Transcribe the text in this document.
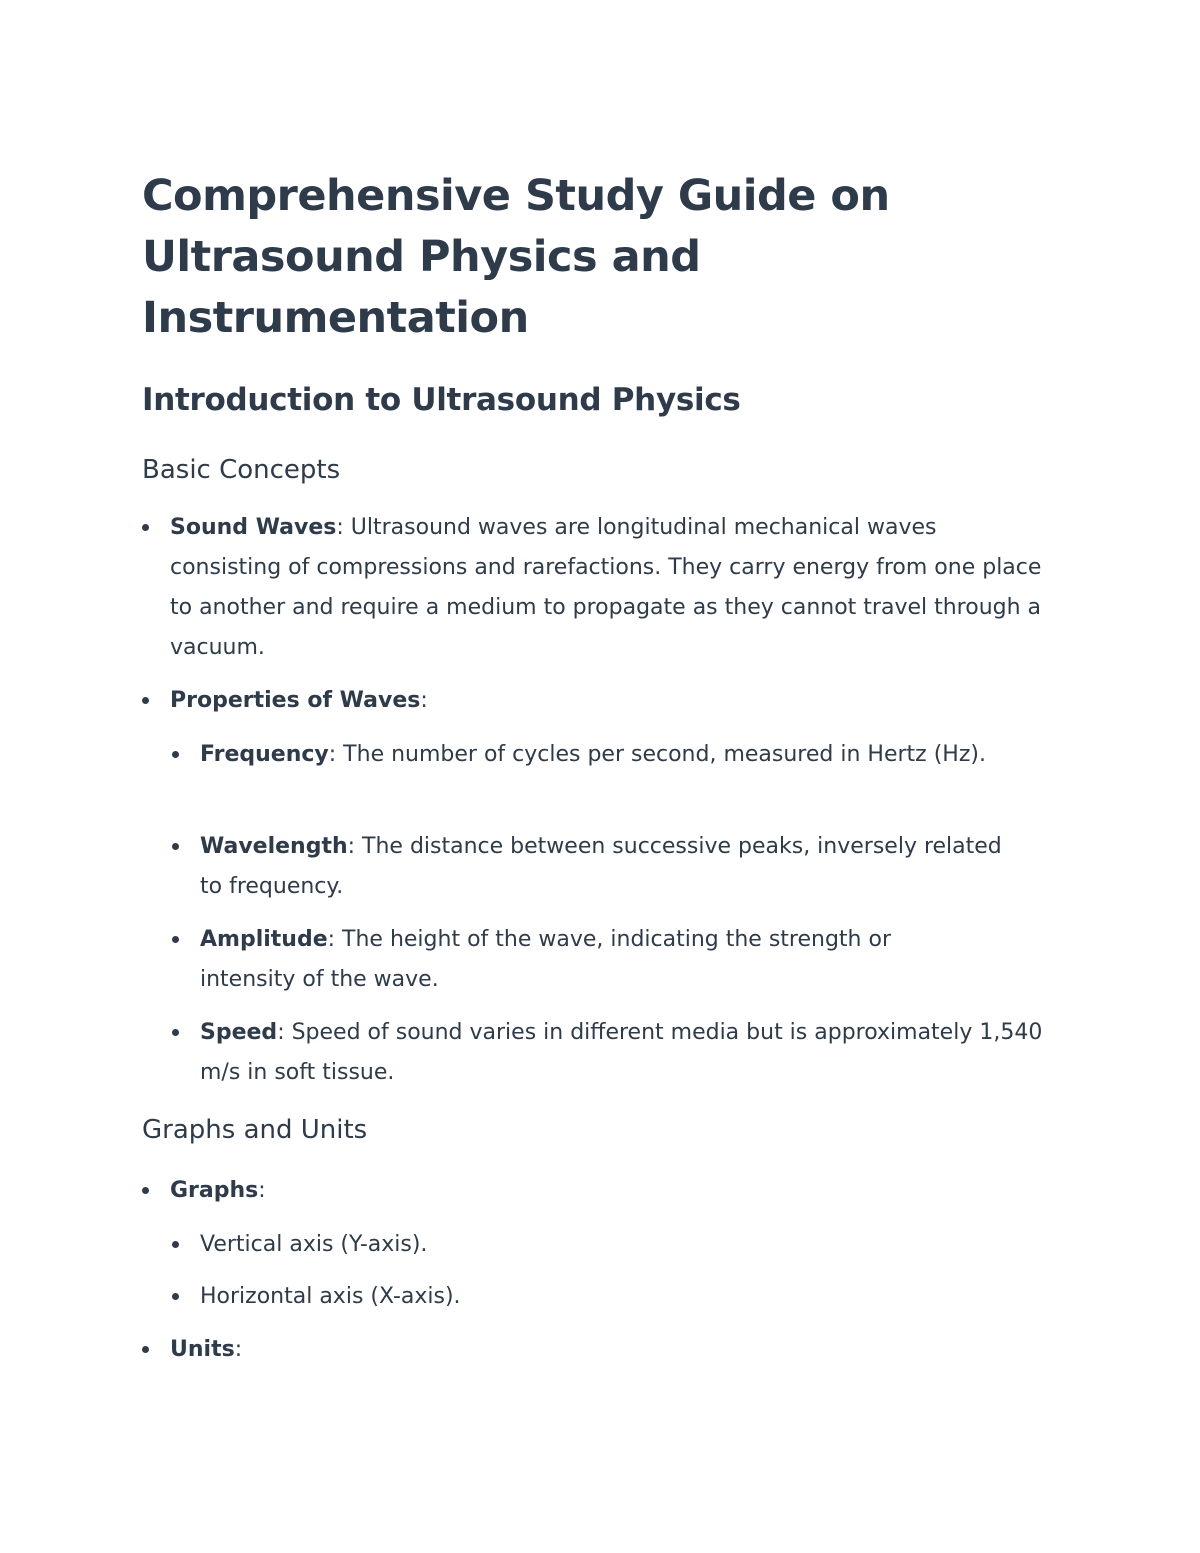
Comprehensive Study Guide on Ultrasound Physics and Instrumentation
Introduction to Ultrasound Physics
Basic Concepts
Sound Waves: Ultrasound waves are longitudinal mechanical waves consisting of compressions and rarefactions. They carry energy from one place to another and require a medium to propagate as they cannot travel through a vacuum.
Properties of Waves:
Frequency: The number of cycles per second, measured in Hertz (Hz).
Wavelength: The distance between successive peaks, inversely related to frequency.
Amplitude: The height of the wave, indicating the strength or intensity of the wave.
Speed: Speed of sound varies in different media but is approximately 1,540 m/s in soft tissue.
Graphs and Units
Graphs:
Vertical axis (Y-axis).
Horizontal axis (X-axis).
Units:
